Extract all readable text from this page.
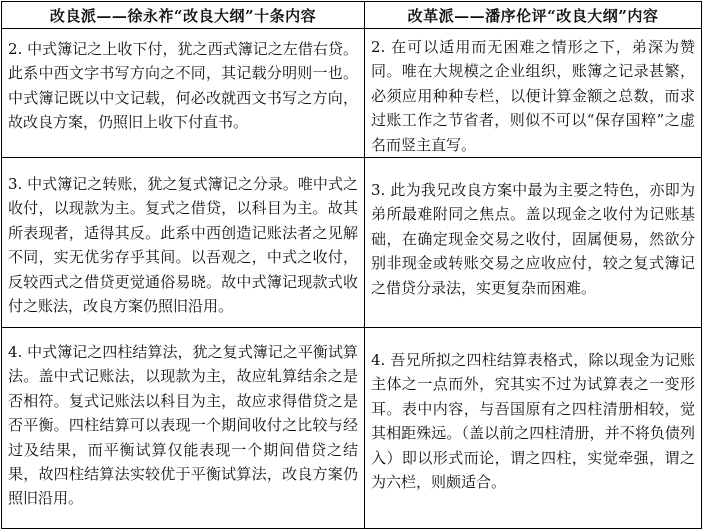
改良派——徐永祚“改良大纲”十条内容	改革派——潘序伦评“改良大纲”内容

2. 中式簿记之上收下付，犹之西式簿记之左借右贷。此系中西文字书写方向之不同，其记载分明则一也。中式簿记既以中文记载，何必改就西文书写之方向，故改良方案，仍照旧上收下付直书。	2. 在可以适用而无困难之情形之下，弟深为赞同。唯在大规模之企业组织，账簿之记录甚繁，必须应用种种专栏，以便计算金额之总数，而求过账工作之节省者，则似不可以“保存国粹”之虚名而竖主直写。

3. 中式簿记之转账，犹之复式簿记之分录。唯中式之收付，以现款为主。复式之借贷，以科目为主。故其所表现者，适得其反。此系中西创造记账法者之见解不同，实无优劣存乎其间。以吾观之，中式之收付，反较西式之借贷更觉通俗易晓。故中式簿记现款式收付之账法，改良方案仍照旧沿用。	3. 此为我兄改良方案中最为主要之特色，亦即为弟所最难附同之焦点。盖以现金之收付为记账基础，在确定现金交易之收付，固属便易，然欲分别非现金或转账交易之应收应付，较之复式簿记之借贷分录法，实更复杂而困难。

4. 中式簿记之四柱结算法，犹之复式簿记之平衡试算法。盖中式记账法，以现款为主，故应轧算结余之是否相符。复式记账法以科目为主，故应求得借贷之是否平衡。四柱结算可以表现一个期间收付之比较与经过及结果，而平衡试算仅能表现一个期间借贷之结果，故四柱结算法实较优于平衡试算法，改良方案仍照旧沿用。	4. 吾兄所拟之四柱结算表格式，除以现金为记账主体之一点而外，究其实不过为试算表之一变形耳。表中内容，与吾国原有之四柱清册相较，觉其相距殊远。（盖以前之四柱清册，并不将负债列入）即以形式而论，谓之四柱，实觉牵强，谓之为六栏，则颇适合。
